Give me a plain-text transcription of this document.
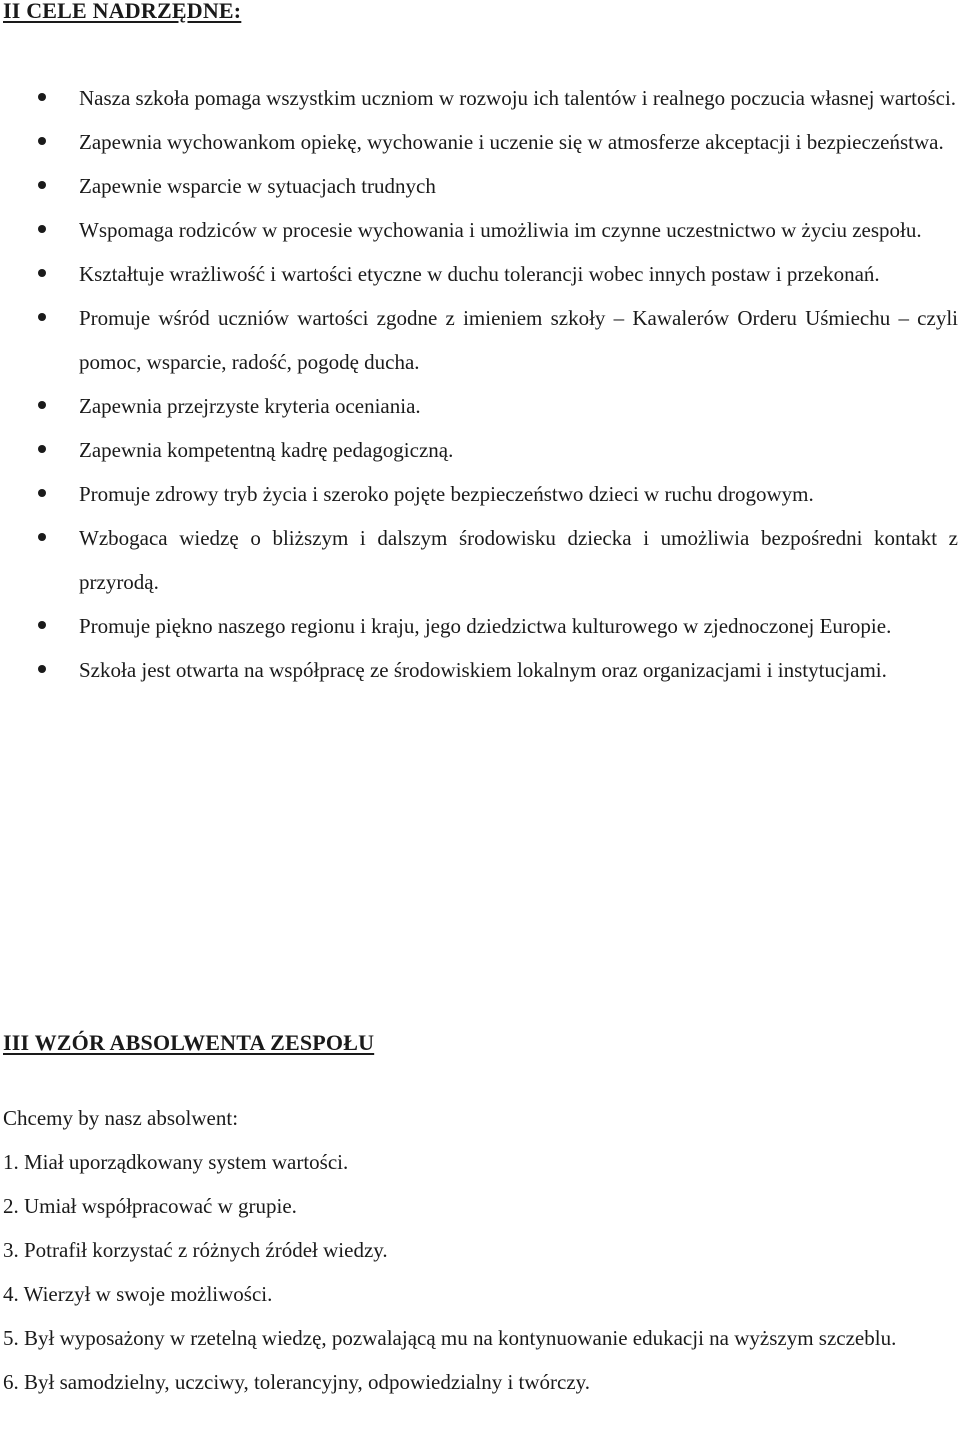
II CELE NADRZĘDNE:
Nasza szkoła pomaga wszystkim uczniom w rozwoju ich talentów i realnego poczucia własnej wartości.
Zapewnia wychowankom opiekę, wychowanie i uczenie się w atmosferze akceptacji i bezpieczeństwa.
Zapewnie wsparcie w sytuacjach trudnych
Wspomaga rodziców w procesie wychowania i umożliwia im czynne uczestnictwo w życiu zespołu.
Kształtuje wrażliwość i wartości etyczne w duchu tolerancji wobec innych postaw i przekonań.
Promuje wśród uczniów wartości zgodne z imieniem szkoły – Kawalerów Orderu Uśmiechu – czyli pomoc, wsparcie, radość, pogodę ducha.
Zapewnia przejrzyste kryteria oceniania.
Zapewnia kompetentną kadrę pedagogiczną.
Promuje zdrowy tryb życia i szeroko pojęte bezpieczeństwo dzieci w ruchu drogowym.
Wzbogaca wiedzę o bliższym i dalszym środowisku dziecka i umożliwia bezpośredni kontakt z przyrodą.
Promuje piękno naszego regionu i kraju, jego dziedzictwa kulturowego w zjednoczonej Europie.
Szkoła jest otwarta na współpracę ze środowiskiem lokalnym oraz organizacjami i instytucjami.
III WZÓR ABSOLWENTA ZESPOŁU

Chcemy by nasz absolwent:

1. Miał uporządkowany system wartości.
2. Umiał współpracować w grupie.
3. Potrafił korzystać z różnych źródeł wiedzy.
4. Wierzył w swoje możliwości.
5. Był wyposażony w rzetelną wiedzę, pozwalającą mu na kontynuowanie edukacji na wyższym szczeblu.
6. Był samodzielny, uczciwy, tolerancyjny, odpowiedzialny i twórczy.
